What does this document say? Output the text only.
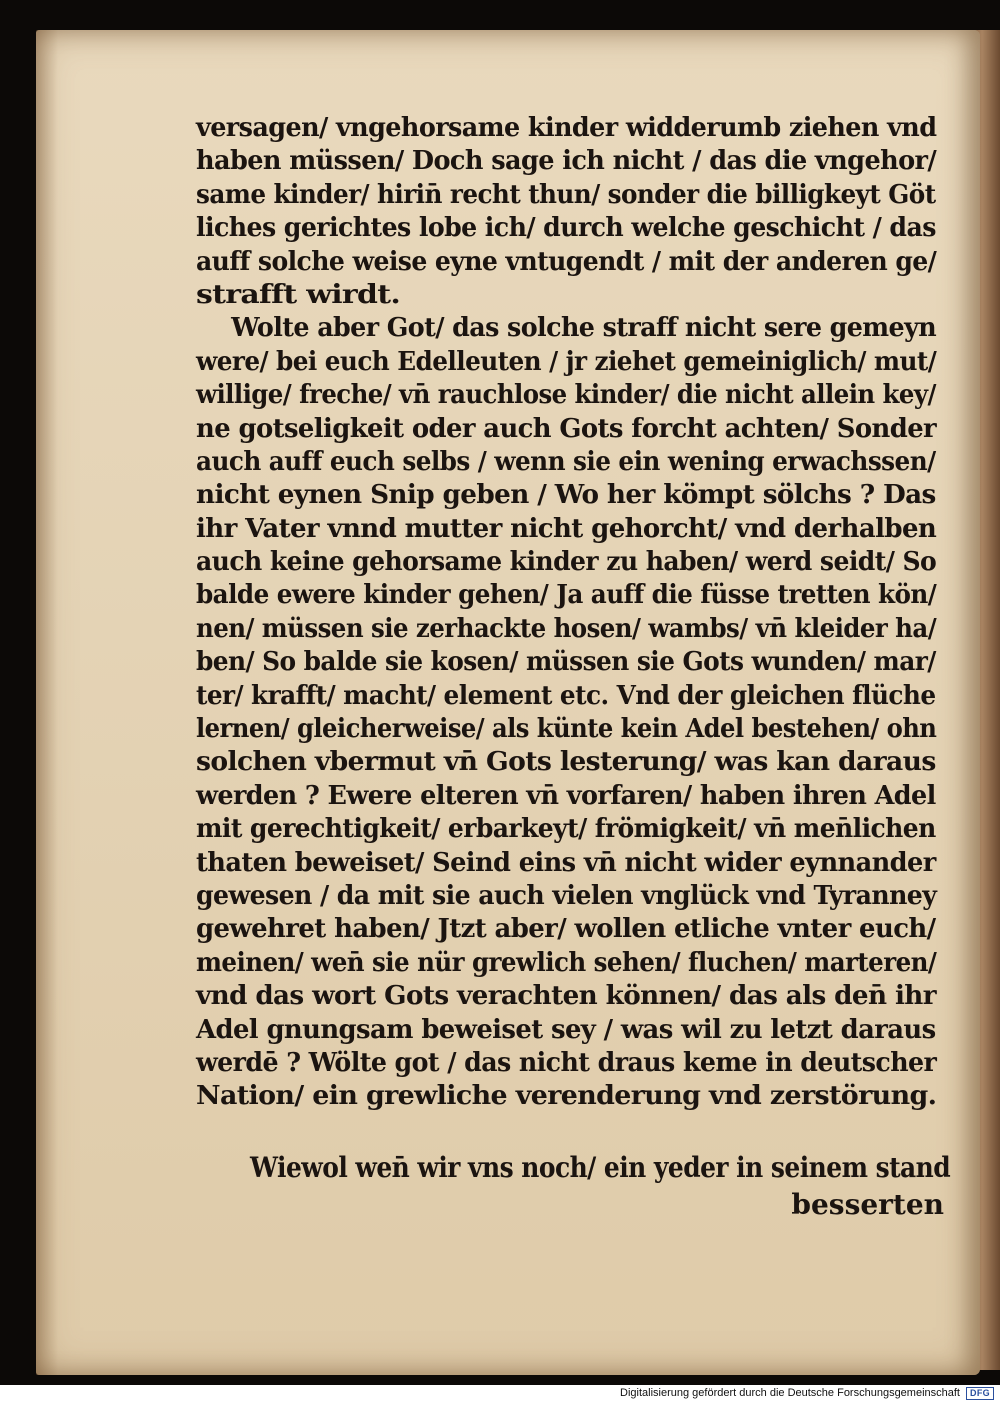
versagen/ vngehorsame kinder widderumb ziehen vnd
haben müssen/ Doch sage ich nicht / das die vngehor/
same kinder/ hirin̄ recht thun/ sonder die billigkeyt Göt
liches gerichtes lobe ich/ durch welche geschicht / das
auff solche weise eyne vntugendt / mit der anderen ge/
strafft wirdt.
Wolte aber Got/ das solche straff nicht sere gemeyn
were/ bei euch Edelleuten / jr ziehet gemeiniglich/ mut/
willige/ freche/ vn̄ rauchlose kinder/ die nicht allein key/
ne gotseligkeit oder auch Gots forcht achten/ Sonder
auch auff euch selbs / wenn sie ein wening erwachssen/
nicht eynen Snip geben / Wo her kömpt sölchs ? Das
ihr Vater vnnd mutter nicht gehorcht/ vnd derhalben
auch keine gehorsame kinder zu haben/ werd seidt/ So
balde ewere kinder gehen/ Ja auff die füsse tretten kön/
nen/ müssen sie zerhackte hosen/ wambs/ vn̄ kleider ha/
ben/ So balde sie kosen/ müssen sie Gots wunden/ mar/
ter/ krafft/ macht/ element etc. Vnd der gleichen flüche
lernen/ gleicherweise/ als künte kein Adel bestehen/ ohn
solchen vbermut vn̄ Gots lesterung/ was kan daraus
werden ? Ewere elteren vn̄ vorfaren/ haben ihren Adel
mit gerechtigkeit/ erbarkeyt/ frömigkeit/ vn̄ men̄lichen
thaten beweiset/ Seind eins vn̄ nicht wider eynnander
gewesen / da mit sie auch vielen vnglück vnd Tyranney
gewehret haben/ Jtzt aber/ wollen etliche vnter euch/
meinen/ wen̄ sie nür grewlich sehen/ fluchen/ marteren/
vnd das wort Gots verachten können/ das als den̄ ihr
Adel gnungsam beweiset sey / was wil zu letzt daraus
werdē ? Wölte got / das nicht draus keme in deutscher
Nation/ ein grewliche verenderung vnd zerstörung.
Wiewol wen̄ wir vns noch/ ein yeder in seinem stand
besserten
Digitalisierung gefördert durch die Deutsche Forschungsgemeinschaft	DFG
